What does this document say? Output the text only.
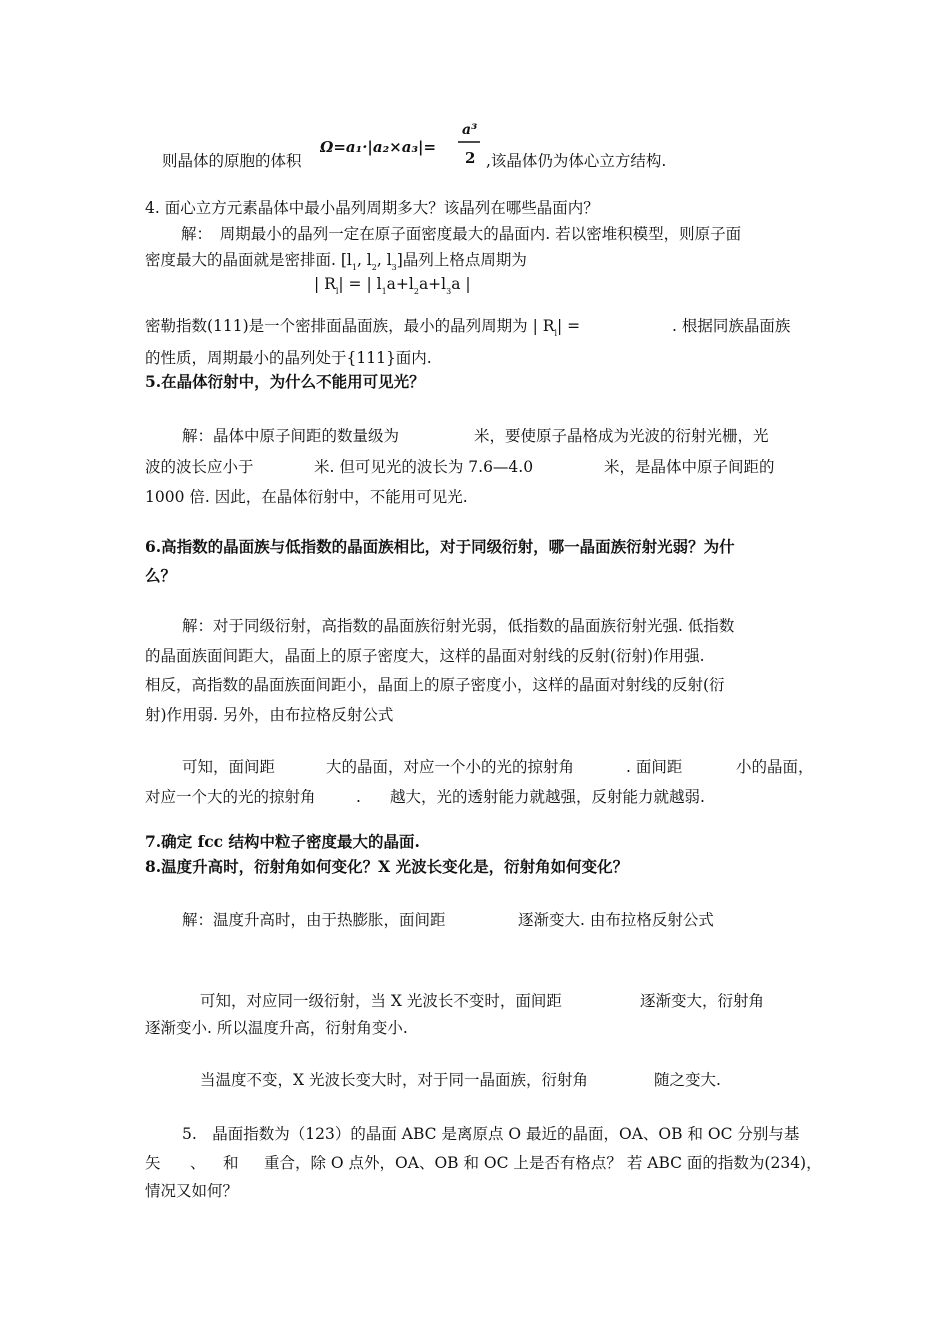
Ω=a₁·|a₂×a₃|=
a³
2
则晶体的原胞的体积	,该晶体仍为体心立方结构.
4. 面心立方元素晶体中最小晶列周期多大？该晶列在哪些晶面内？
解：　周期最小的晶列一定在原子面密度最大的晶面内. 若以密堆积模型，则原子面
密度最大的晶面就是密排面. [$l_1$, $l_2$, $l_3$]晶列上格点周期为
| $R_l|$ = | $l_1a+l_2a+l_3a$ |
密勒指数(111)是一个密排面晶面族，最小的晶列周期为 | $R_l|$ =	. 根据同族晶面族
的性质，周期最小的晶列处于{111}面内.
5.在晶体衍射中，为什么不能用可见光？
解：晶体中原子间距的数量级为	米，要使原子晶格成为光波的衍射光栅，光
波的波长应小于	米. 但可见光的波长为 7.6—4.0	米，是晶体中原子间距的
1000 倍. 因此，在晶体衍射中，不能用可见光.
6.高指数的晶面族与低指数的晶面族相比，对于同级衍射，哪一晶面族衍射光弱？为什
么？
解：对于同级衍射，高指数的晶面族衍射光弱，低指数的晶面族衍射光强. 低指数
的晶面族面间距大，晶面上的原子密度大，这样的晶面对射线的反射(衍射)作用强.
相反，高指数的晶面族面间距小，晶面上的原子密度小，这样的晶面对射线的反射(衍
射)作用弱. 另外，由布拉格反射公式
可知，面间距	大的晶面，对应一个小的光的掠射角	. 面间距	小的晶面，
对应一个大的光的掠射角	. 越大，光的透射能力就越强，反射能力就越弱.
7.确定 fcc 结构中粒子密度最大的晶面.
8.温度升高时，衍射角如何变化？X 光波长变化是，衍射角如何变化？
解：温度升高时，由于热膨胀，面间距	逐渐变大. 由布拉格反射公式
可知，对应同一级衍射，当 X 光波长不变时，面间距	逐渐变大，衍射角
逐渐变小. 所以温度升高，衍射角变小.
当温度不变，X 光波长变大时，对于同一晶面族，衍射角	随之变大.
5.　晶面指数为（123）的晶面 ABC 是离原点 O 最近的晶面，OA、OB 和 OC 分别与基
矢 、 和 重合，除 O 点外，OA、OB 和 OC 上是否有格点？ 若 ABC 面的指数为(234)，
情况又如何？
